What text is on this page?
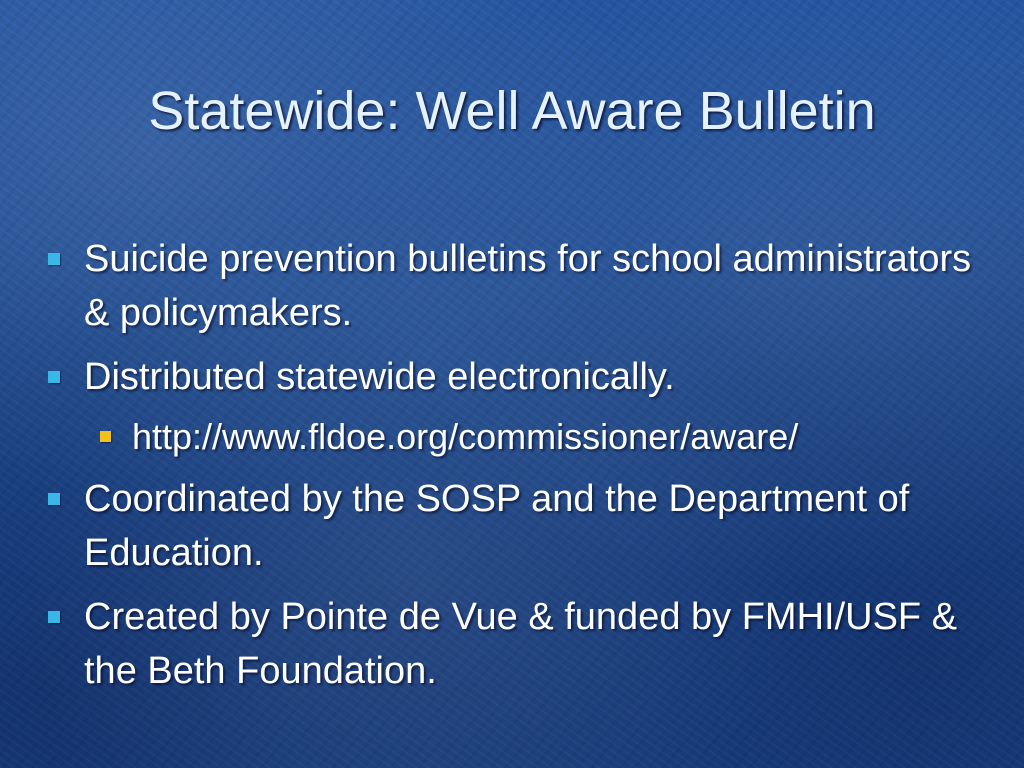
Statewide: Well Aware Bulletin
Suicide prevention bulletins for school administrators & policymakers.
Distributed statewide electronically.
http://www.fldoe.org/commissioner/aware/
Coordinated by the SOSP and the Department of Education.
Created by Pointe de Vue & funded by FMHI/USF & the Beth Foundation.
